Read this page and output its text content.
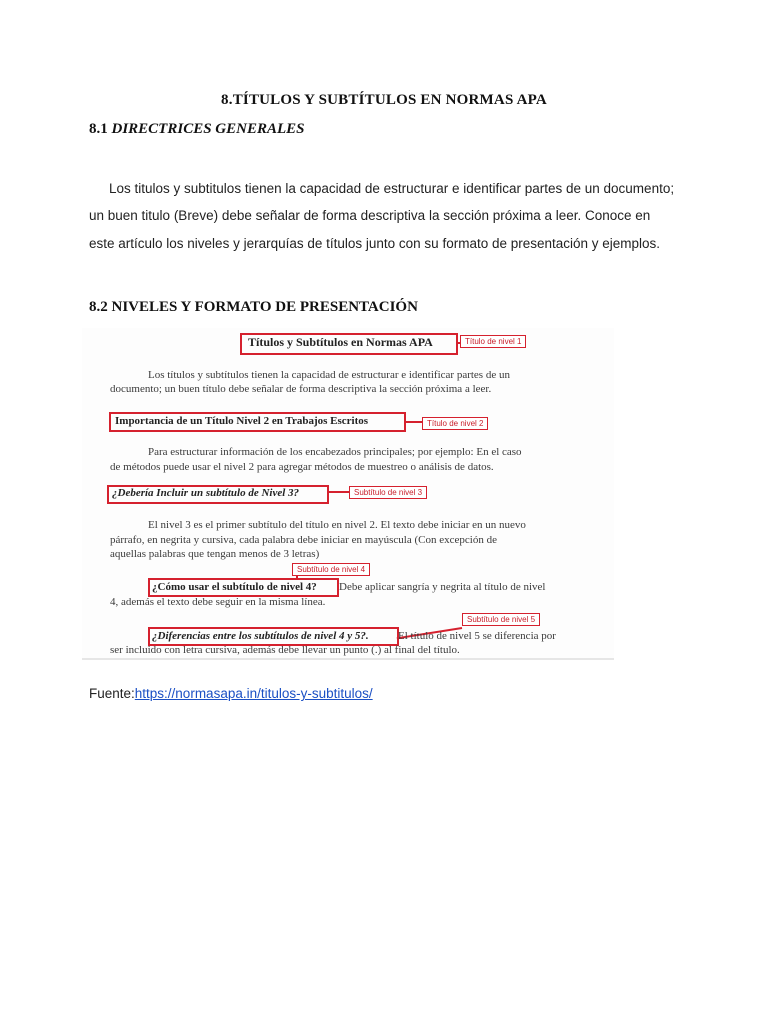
8.TÍTULOS Y SUBTÍTULOS EN NORMAS APA
8.1 DIRECTRICES GENERALES
Los titulos y subtitulos tienen la capacidad de estructurar e identificar partes de un documento;
un buen titulo (Breve) debe señalar de forma descriptiva la sección próxima a leer. Conoce en
este artículo los niveles y jerarquías de títulos junto con su formato de presentación y ejemplos.
8.2 NIVELES Y FORMATO DE PRESENTACIÓN
Títulos y Subtítulos en Normas APA	Título de nivel 1
Los títulos y subtítulos tienen la capacidad de estructurar e identificar partes de un
documento; un buen título debe señalar de forma descriptiva la sección próxima a leer.
Importancia de un Título Nivel 2 en Trabajos Escritos	Título de nivel 2
Para estructurar información de los encabezados principales; por ejemplo: En el caso
de métodos puede usar el nivel 2 para agregar métodos de muestreo o análisis de datos.
¿Debería Incluir un subtítulo de Nivel 3?	Subtítulo de nivel 3
El nivel 3 es el primer subtítulo del título en nivel 2. El texto debe iniciar en un nuevo
párrafo, en negrita y cursiva, cada palabra debe iniciar en mayúscula (Con excepción de
aquellas palabras que tengan menos de 3 letras)
Subtítulo de nivel 4
¿Cómo usar el subtítulo de nivel 4? Debe aplicar sangría y negrita al título de nivel
4, además el texto debe seguir en la misma línea.
Subtítulo de nivel 5
¿Diferencias entre los subtítulos de nivel 4 y 5?.	El título de nivel 5 se diferencia por
ser incluido con letra cursiva, además debe llevar un punto (.) al final del título.
Fuente:https://normasapa.in/titulos-y-subtitulos/
